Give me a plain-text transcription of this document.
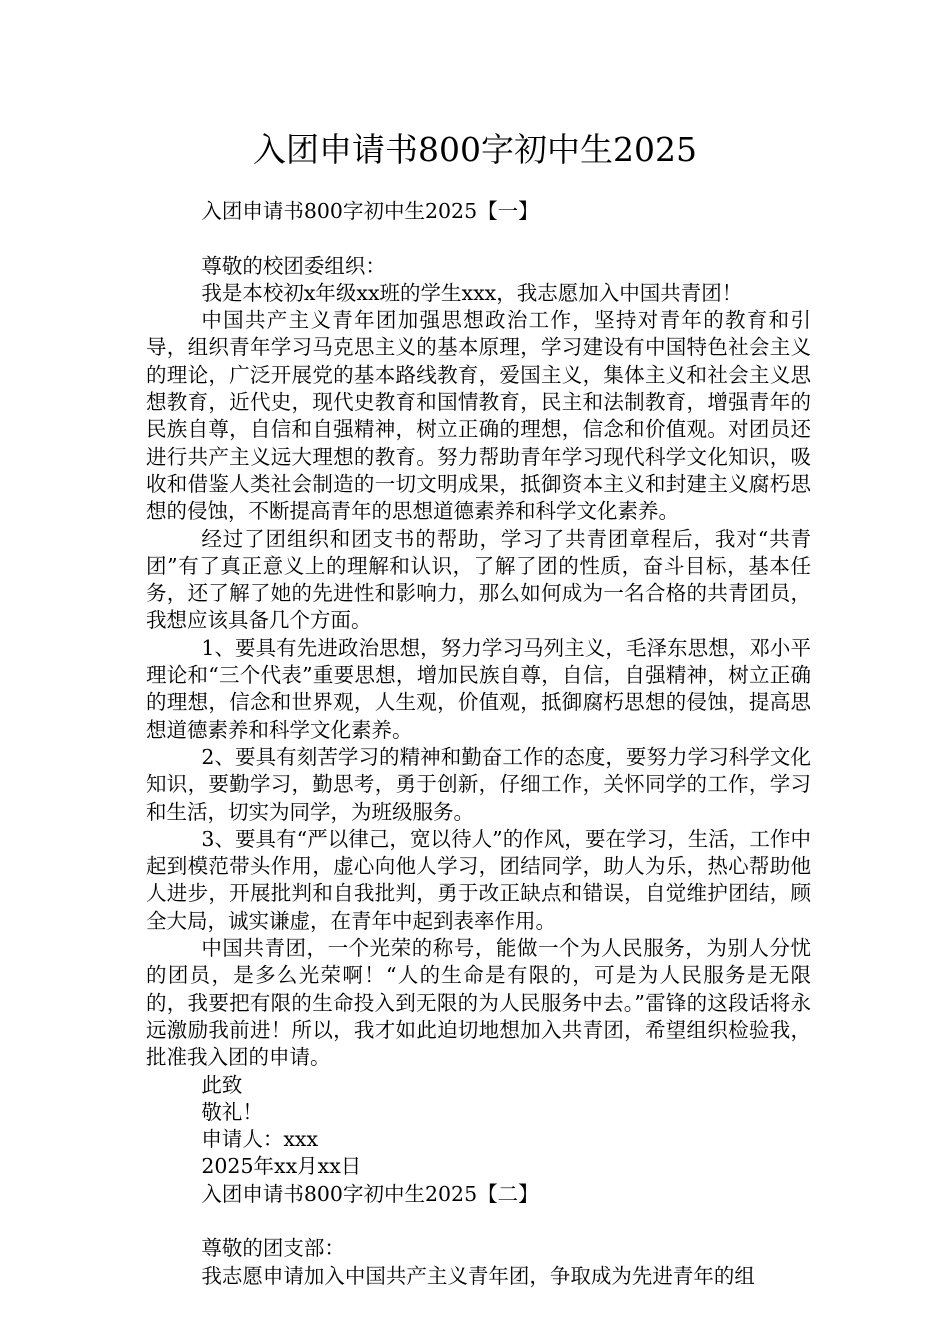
入团申请书800字初中生2025

入团申请书800字初中生2025【一】

尊敬的校团委组织：

我是本校初x年级xx班的学生xxx，我志愿加入中国共青团！

中国共产主义青年团加强思想政治工作，坚持对青年的教育和引导，组织青年学习马克思主义的基本原理，学习建设有中国特色社会主义的理论，广泛开展党的基本路线教育，爱国主义，集体主义和社会主义思想教育，近代史，现代史教育和国情教育，民主和法制教育，增强青年的民族自尊，自信和自强精神，树立正确的理想，信念和价值观。对团员还进行共产主义远大理想的教育。努力帮助青年学习现代科学文化知识，吸收和借鉴人类社会制造的一切文明成果，抵御资本主义和封建主义腐朽思想的侵蚀，不断提高青年的思想道德素养和科学文化素养。

经过了团组织和团支书的帮助，学习了共青团章程后，我对“共青团”有了真正意义上的理解和认识，了解了团的性质，奋斗目标，基本任务，还了解了她的先进性和影响力，那么如何成为一名合格的共青团员，我想应该具备几个方面。

1、要具有先进政治思想，努力学习马列主义，毛泽东思想，邓小平理论和“三个代表”重要思想，增加民族自尊，自信，自强精神，树立正确的理想，信念和世界观，人生观，价值观，抵御腐朽思想的侵蚀，提高思想道德素养和科学文化素养。

2、要具有刻苦学习的精神和勤奋工作的态度，要努力学习科学文化知识，要勤学习，勤思考，勇于创新，仔细工作，关怀同学的工作，学习和生活，切实为同学，为班级服务。

3、要具有“严以律己，宽以待人”的作风，要在学习，生活，工作中起到模范带头作用，虚心向他人学习，团结同学，助人为乐，热心帮助他人进步，开展批判和自我批判，勇于改正缺点和错误，自觉维护团结，顾全大局，诚实谦虚，在青年中起到表率作用。

中国共青团，一个光荣的称号，能做一个为人民服务，为别人分忧的团员，是多么光荣啊！“人的生命是有限的，可是为人民服务是无限的，我要把有限的生命投入到无限的为人民服务中去。”雷锋的这段话将永远激励我前进！所以，我才如此迫切地想加入共青团，希望组织检验我，批准我入团的申请。

此致

敬礼！

申请人：xxx

2025年xx月xx日

入团申请书800字初中生2025【二】

尊敬的团支部：

我志愿申请加入中国共产主义青年团，争取成为先进青年的组
